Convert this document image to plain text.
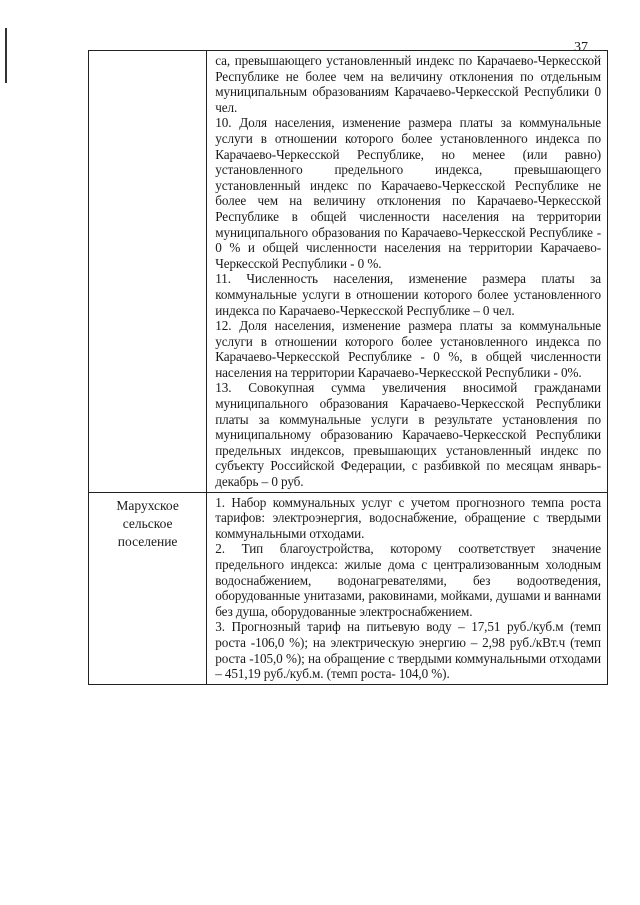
37

	са, превышающего установленный индекс по Карачаево-Черкесской Республике не более чем на величину отклонения по отдельным муниципальным образованиям Карачаево-Черкесской Республики 0 чел.

10. Доля населения, изменение размера платы за коммунальные услуги в отношении которого более установленного индекса по Карачаево-Черкесской Республике, но менее (или равно) установленного предельного индекса, превышающего установленный индекс по Карачаево-Черкесской Республике не более чем на величину отклонения по Карачаево-Черкесской Республике в общей численности населения на территории муниципального образования по Карачаево-Черкесской Республике - 0 % и общей численности населения на территории Карачаево-Черкесской Республики - 0 %.

11. Численность населения, изменение размера платы за коммунальные услуги в отношении которого более установленного индекса по Карачаево-Черкесской Республике – 0 чел.

12. Доля населения, изменение размера платы за коммунальные услуги в отношении которого более установленного индекса по Карачаево-Черкесской Республике - 0 %, в общей численности населения на территории Карачаево-Черкесской Республики - 0%.

13. Совокупная сумма увеличения вносимой гражданами муниципального образования Карачаево-Черкесской Республики платы за коммунальные услуги в результате установления по муниципальному образованию Карачаево-Черкесской Республики предельных индексов, превышающих установленный индекс по субъекту Российской Федерации, с разбивкой по месяцам январь-декабрь – 0 руб.

Марухское сельское поселение	1. Набор коммунальных услуг с учетом прогнозного темпа роста тарифов: электроэнергия, водоснабжение, обращение с твердыми коммунальными отходами.

2. Тип благоустройства, которому соответствует значение предельного индекса: жилые дома с централизованным холодным водоснабжением, водонагревателями, без водоотведения, оборудованные унитазами, раковинами, мойками, душами и ваннами без душа, оборудованные электроснабжением.

3. Прогнозный тариф на питьевую воду – 17,51 руб./куб.м (темп роста -106,0 %); на электрическую энергию – 2,98 руб./кВт.ч (темп роста -105,0 %); на обращение с твердыми коммунальными отходами – 451,19 руб./куб.м. (темп роста- 104,0 %).
